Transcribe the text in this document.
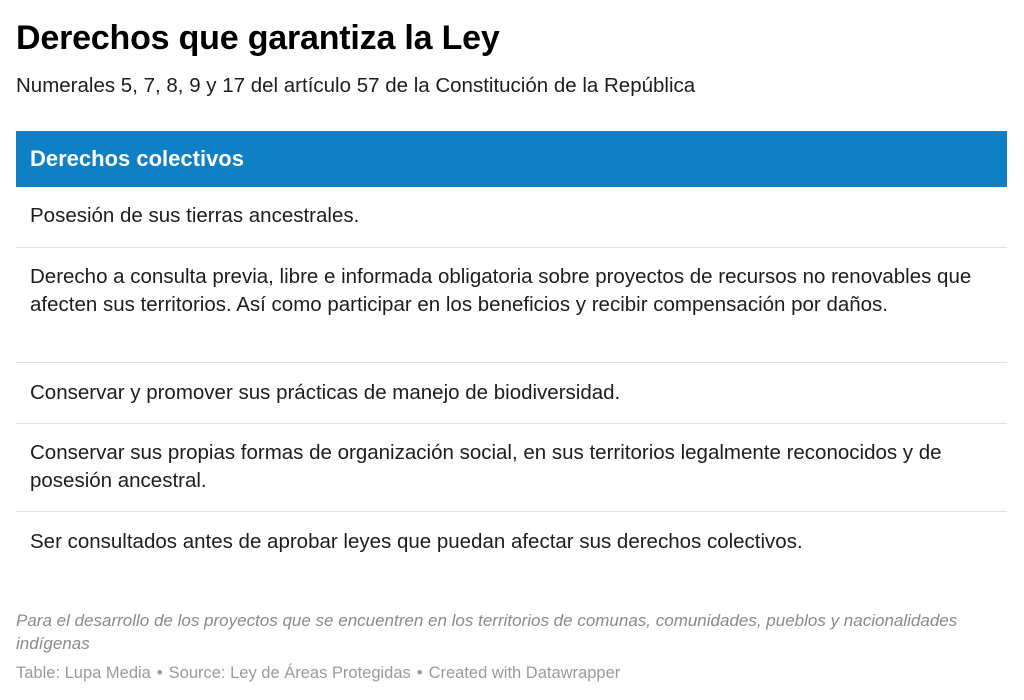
Derechos que garantiza la Ley
Numerales 5, 7, 8, 9 y 17 del artículo 57 de la Constitución de la República
Derechos colectivos
Posesión de sus tierras ancestrales.
Derecho a consulta previa, libre e informada obligatoria sobre proyectos de recursos no renovables que afecten sus territorios. Así como participar en los beneficios y recibir compensación por daños.
Conservar y promover sus prácticas de manejo de biodiversidad.
Conservar sus propias formas de organización social, en sus territorios legalmente reconocidos y de posesión ancestral.
Ser consultados antes de aprobar leyes que puedan afectar sus derechos colectivos.
Para el desarrollo de los proyectos que se encuentren en los territorios de comunas, comunidades, pueblos y nacionalidades indígenas
Table: Lupa Media • Source: Ley de Áreas Protegidas • Created with Datawrapper
